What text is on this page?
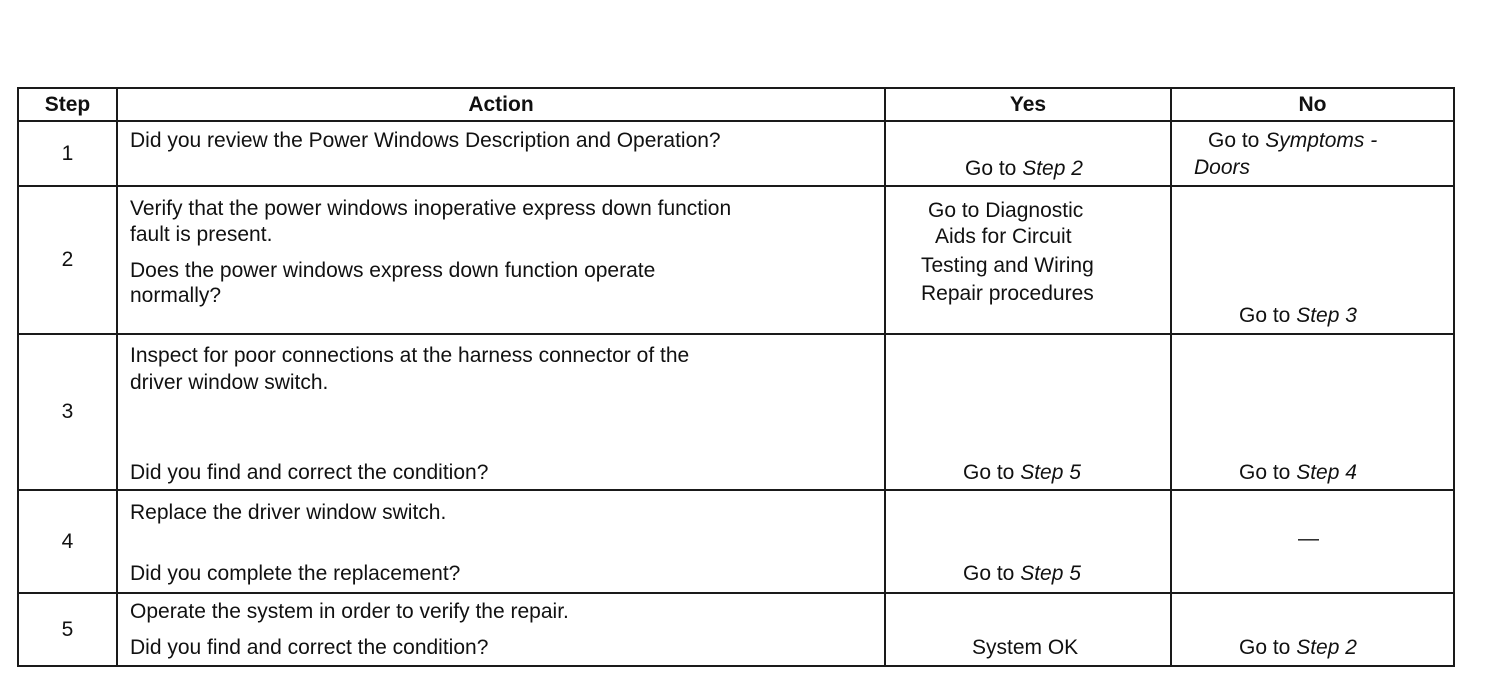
Step	Action	Yes	No
1	Did you review the Power Windows Description and Operation?	Go to Step 2	Go to Symptoms -
Doors

2	Verify that the power windows inoperative express down function
fault is present.
Does the power windows express down function operate
normally?	Go to Diagnostic
Aids for Circuit
Testing and Wiring
Repair procedures	Go to Step 3

3	Inspect for poor connections at the harness connector of the
driver window switch.
Did you find and correct the condition?	Go to Step 5	Go to Step 4

4	Replace the driver window switch.
Did you complete the replacement?	Go to Step 5	—

5	Operate the system in order to verify the repair.
Did you find and correct the condition?	System OK	Go to Step 2
